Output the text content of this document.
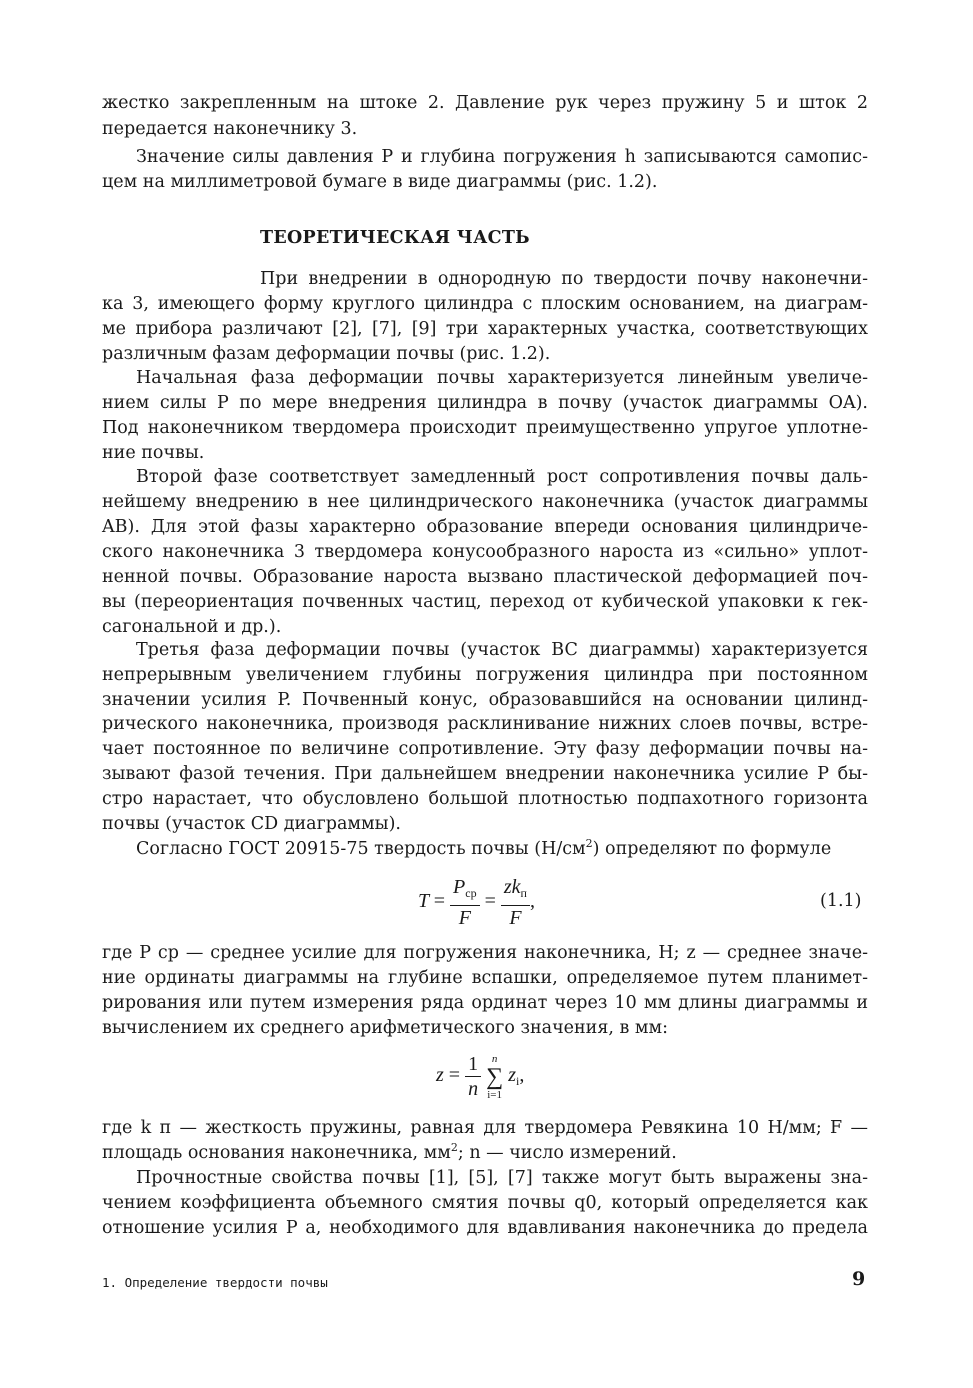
жестко закрепленным на штоке 2. Давление рук через пружину 5 и шток 2
передается наконечнику 3.
Значение силы давления P и глубина погружения h записываются самопис-
цем на миллиметровой бумаге в виде диаграммы (рис. 1.2).
ТЕОРЕТИЧЕСКАЯ ЧАСТЬ
При внедрении в однородную по твердости почву наконечни-
ка 3, имеющего форму круглого цилиндра с плоским основанием, на диаграм-
ме прибора различают [2], [7], [9] три характерных участка, соответствующих
различным фазам деформации почвы (рис. 1.2).
Начальная фаза деформации почвы характеризуется линейным увеличе-
нием силы P по мере внедрения цилиндра в почву (участок диаграммы OA).
Под наконечником твердомера происходит преимущественно упругое уплотне-
ние почвы.
Второй фазе соответствует замедленный рост сопротивления почвы даль-
нейшему внедрению в нее цилиндрического наконечника (участок диаграммы
AB). Для этой фазы характерно образование впереди основания цилиндриче-
ского наконечника 3 твердомера конусообразного нароста из «сильно» уплот-
ненной почвы. Образование нароста вызвано пластической деформацией поч-
вы (переориентация почвенных частиц, переход от кубической упаковки к гек-
сагональной и др.).
Третья фаза деформации почвы (участок BC диаграммы) характеризуется
непрерывным увеличением глубины погружения цилиндра при постоянном
значении усилия P. Почвенный конус, образовавшийся на основании цилинд-
рического наконечника, производя расклинивание нижних слоев почвы, встре-
чает постоянное по величине сопротивление. Эту фазу деформации почвы на-
зывают фазой течения. При дальнейшем внедрении наконечника усилие P бы-
стро нарастает, что обусловлено большой плотностью подпахотного горизонта
почвы (участок CD диаграммы).
Согласно ГОСТ 20915-75 твердость почвы $(Н/см^2)$ определяют по формуле
$T = \frac{P_{ср}}{F} = \frac{zk_п}{F}$ ,	(1.1)
где P ср — среднее усилие для погружения наконечника, Н; z — среднее значе-
ние ординаты диаграммы на глубине вспашки, определяемое путем планимет-
рирования или путем измерения ряда ординат через 10 мм длины диаграммы и
вычислением их среднего арифметического значения, в мм:
$z = \frac{1}{n}$
n
∑
i=1
$z_i$,
где k п — жесткость пружины, равная для твердомера Ревякина 10 Н/мм; F —
площадь основания наконечника, $мм^2$; n — число измерений.
Прочностные свойства почвы [1], [5], [7] также могут быть выражены зна-
чением коэффициента объемного смятия почвы q0, который определяется как
отношение усилия P а, необходимого для вдавливания наконечника до предела
1. Определение твердости почвы	9
